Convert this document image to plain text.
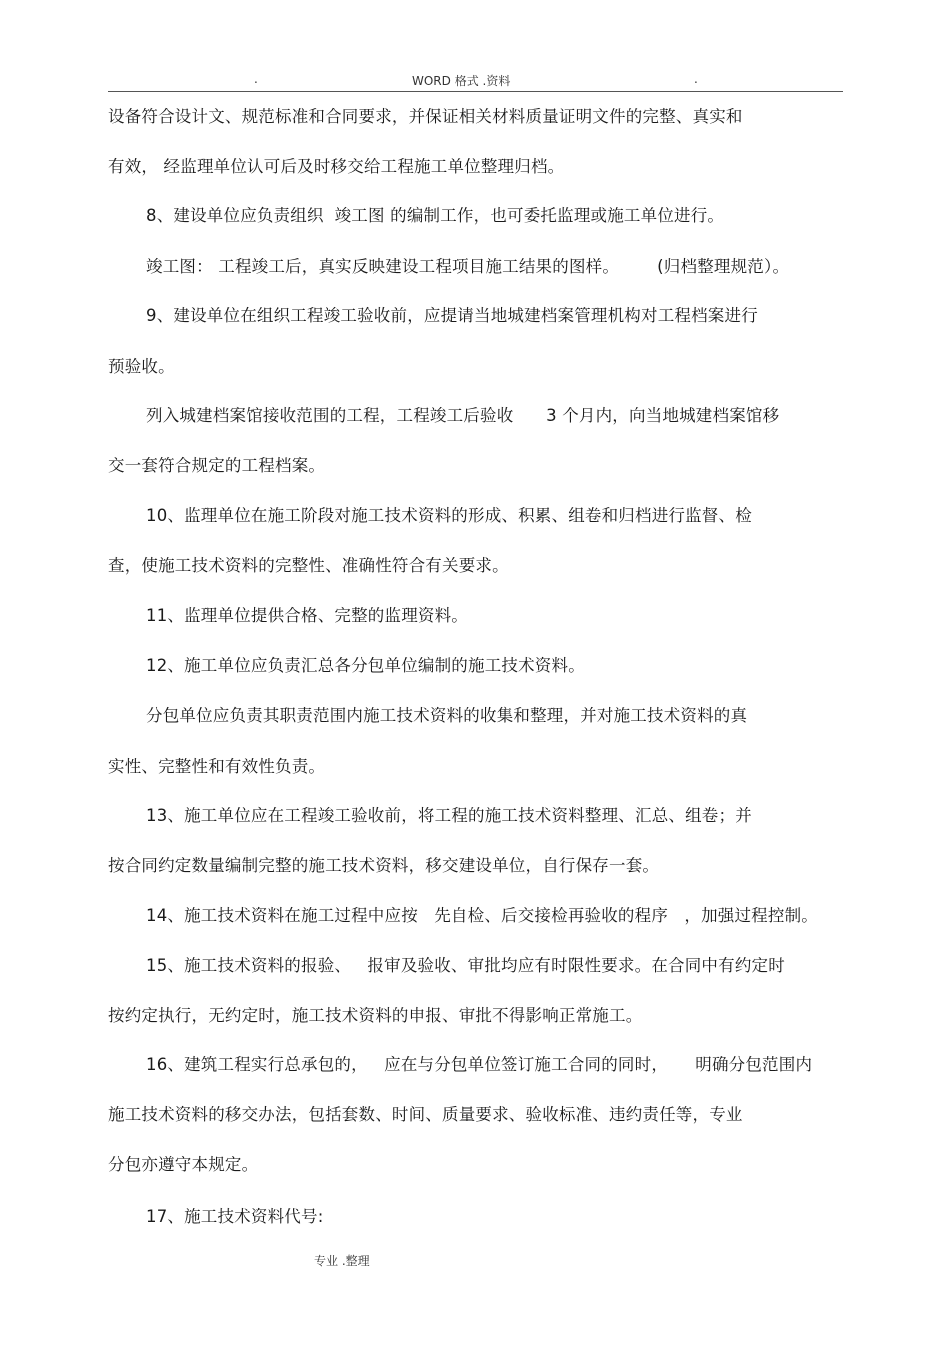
.	WORD 格式 .资料	.
设备符合设计文、规范标准和合同要求，并保证相关材料质量证明文件的完整、真实和
有效， 经监理单位认可后及时移交给工程施工单位整理归档。
8、建设单位应负责组织  竣工图 的编制工作，也可委托监理或施工单位进行。
竣工图： 工程竣工后，真实反映建设工程项目施工结果的图样。       (归档整理规范）。
9、建设单位在组织工程竣工验收前，应提请当地城建档案管理机构对工程档案进行
预验收。
列入城建档案馆接收范围的工程，工程竣工后验收      3 个月内，向当地城建档案馆移
交一套符合规定的工程档案。
10、监理单位在施工阶段对施工技术资料的形成、积累、组卷和归档进行监督、检
查，使施工技术资料的完整性、准确性符合有关要求。
11、监理单位提供合格、完整的监理资料。
12、施工单位应负责汇总各分包单位编制的施工技术资料。
分包单位应负责其职责范围内施工技术资料的收集和整理，并对施工技术资料的真
实性、完整性和有效性负责。
13、施工单位应在工程竣工验收前，将工程的施工技术资料整理、汇总、组卷；并
按合同约定数量编制完整的施工技术资料，移交建设单位，自行保存一套。
14、施工技术资料在施工过程中应按   先自检、后交接检再验收的程序   ，加强过程控制。
15、施工技术资料的报验、   报审及验收、审批均应有时限性要求。在合同中有约定时
按约定执行，无约定时，施工技术资料的申报、审批不得影响正常施工。
16、建筑工程实行总承包的，   应在与分包单位签订施工合同的同时，     明确分包范围内
施工技术资料的移交办法，包括套数、时间、质量要求、验收标准、违约责任等，专业
分包亦遵守本规定。
17、施工技术资料代号:
专业 .整理
